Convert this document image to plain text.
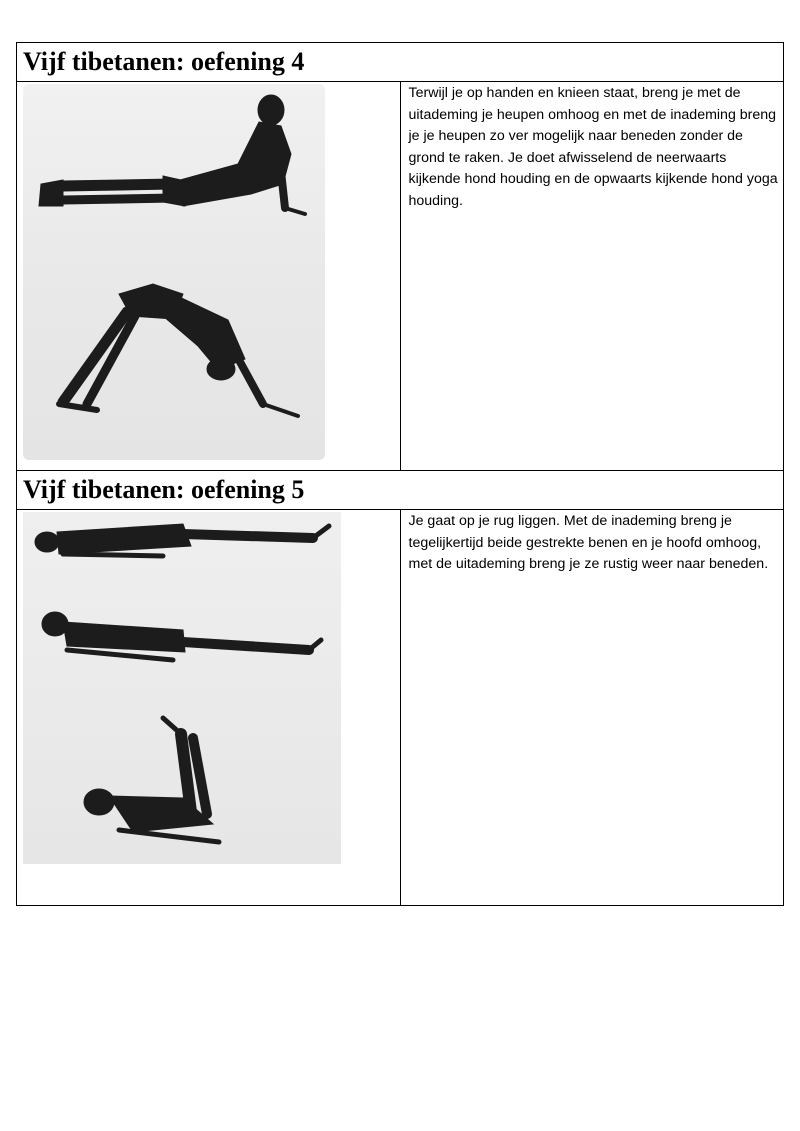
Vijf tibetanen: oefening 4	

Terwijl je op handen en knieen staat, breng je met de uitademing je heupen omhoog en met de inademing breng je je heupen zo ver mogelijk naar beneden zonder de grond te raken. Je doet afwisselend de neerwaarts kijkende hond houding en de opwaarts kijkende hond yoga houding.

Vijf tibetanen: oefening 5	

Je gaat op je rug liggen. Met de inademing breng je tegelijkertijd beide gestrekte benen en je hoofd omhoog, met de uitademing breng je ze rustig weer naar beneden.
